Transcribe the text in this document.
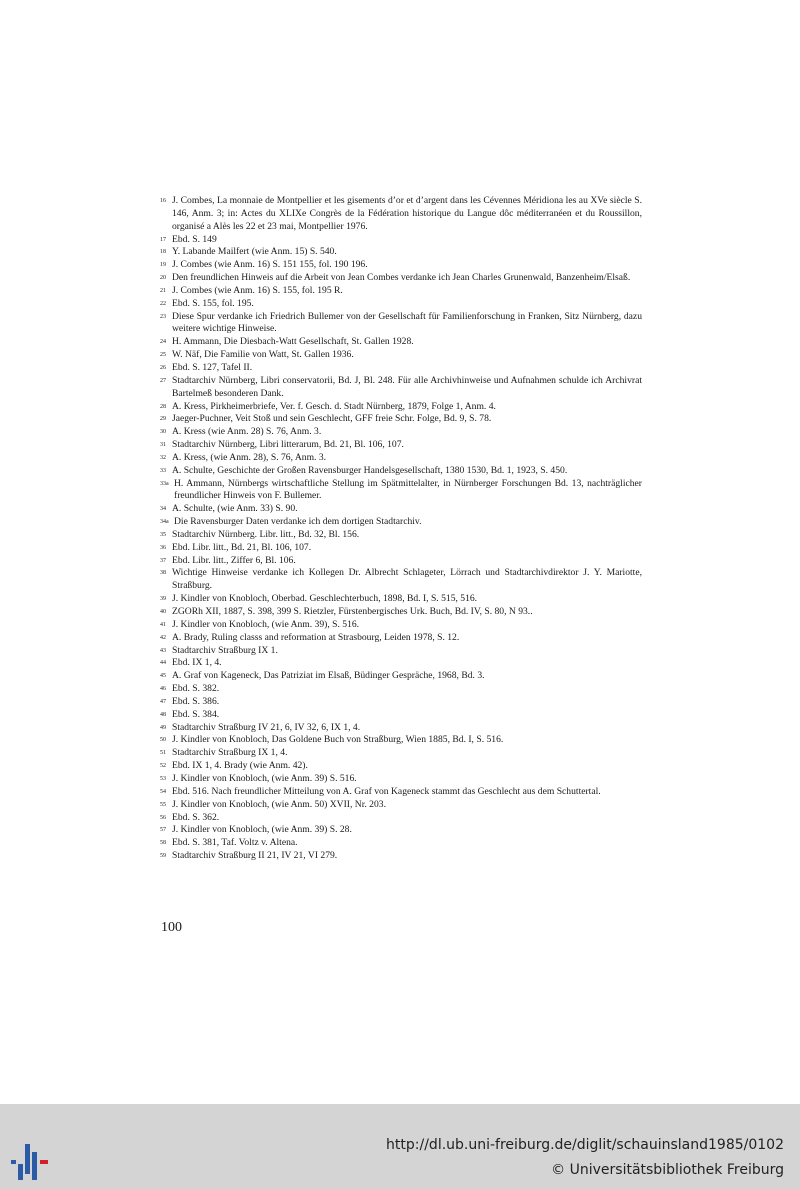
16 J. Combes, La monnaie de Montpellier et les gisements d’or et d’argent dans les Cévennes Méridiona les au XVe siècle S. 146, Anm. 3; in: Actes du XLIXe Congrès de la Fédération historique du Langue dôc méditerranéen et du Roussillon, organisé a Alès les 22 et 23 mai, Montpellier 1976.
17 Ebd. S. 149
18 Y. Labande Mailfert (wie Anm. 15) S. 540.
19 J. Combes (wie Anm. 16) S. 151 155, fol. 190 196.
20 Den freundlichen Hinweis auf die Arbeit von Jean Combes verdanke ich Jean Charles Grunenwald, Banzenheim/Elsaß.
21 J. Combes (wie Anm. 16) S. 155, fol. 195 R.
22 Ebd. S. 155, fol. 195.
23 Diese Spur verdanke ich Friedrich Bullemer von der Gesellschaft für Familienforschung in Franken, Sitz Nürnberg, dazu weitere wichtige Hinweise.
24 H. Ammann, Die Diesbach-Watt Gesellschaft, St. Gallen 1928.
25 W. Näf, Die Familie von Watt, St. Gallen 1936.
26 Ebd. S. 127, Tafel II.
27 Stadtarchiv Nürnberg, Libri conservatorii, Bd. J, Bl. 248. Für alle Archivhinweise und Aufnahmen schulde ich Archivrat Bartelmeß besonderen Dank.
28 A. Kress, Pirkheimerbriefe, Ver. f. Gesch. d. Stadt Nürnberg, 1879, Folge 1, Anm. 4.
29 Jaeger-Puchner, Veit Stoß und sein Geschlecht, GFF freie Schr. Folge, Bd. 9, S. 78.
30 A. Kress (wie Anm. 28) S. 76, Anm. 3.
31 Stadtarchiv Nürnberg, Libri litterarum, Bd. 21, Bl. 106, 107.
32 A. Kress, (wie Anm. 28), S. 76, Anm. 3.
33 A. Schulte, Geschichte der Großen Ravensburger Handelsgesellschaft, 1380 1530, Bd. 1, 1923, S. 450.
33a H. Ammann, Nürnbergs wirtschaftliche Stellung im Spätmittelalter, in Nürnberger Forschungen Bd. 13, nachträglicher freundlicher Hinweis von F. Bullemer.
34 A. Schulte, (wie Anm. 33) S. 90.
34a Die Ravensburger Daten verdanke ich dem dortigen Stadtarchiv.
35 Stadtarchiv Nürnberg. Libr. litt., Bd. 32, Bl. 156.
36 Ebd. Libr. litt., Bd. 21, Bl. 106, 107.
37 Ebd. Libr. litt., Ziffer 6, Bl. 106.
38 Wichtige Hinweise verdanke ich Kollegen Dr. Albrecht Schlageter, Lörrach und Stadtarchivdirektor J. Y. Mariotte, Straßburg.
39 J. Kindler von Knobloch, Oberbad. Geschlechterbuch, 1898, Bd. I, S. 515, 516.
40 ZGORh XII, 1887, S. 398, 399 S. Rietzler, Fürstenbergisches Urk. Buch, Bd. IV, S. 80, N 93..
41 J. Kindler von Knobloch, (wie Anm. 39), S. 516.
42 A. Brady, Ruling classs and reformation at Strasbourg, Leiden 1978, S. 12.
43 Stadtarchiv Straßburg IX 1.
44 Ebd. IX 1, 4.
45 A. Graf von Kageneck, Das Patriziat im Elsaß, Büdinger Gespräche, 1968, Bd. 3.
46 Ebd. S. 382.
47 Ebd. S. 386.
48 Ebd. S. 384.
49 Stadtarchiv Straßburg IV 21, 6, IV 32, 6, IX 1, 4.
50 J. Kindler von Knobloch, Das Goldene Buch von Straßburg, Wien 1885, Bd. I, S. 516.
51 Stadtarchiv Straßburg IX 1, 4.
52 Ebd. IX 1, 4. Brady (wie Anm. 42).
53 J. Kindler von Knobloch, (wie Anm. 39) S. 516.
54 Ebd. 516. Nach freundlicher Mitteilung von A. Graf von Kageneck stammt das Geschlecht aus dem Schuttertal.
55 J. Kindler von Knobloch, (wie Anm. 50) XVII, Nr. 203.
56 Ebd. S. 362.
57 J. Kindler von Knobloch, (wie Anm. 39) S. 28.
58 Ebd. S. 381, Taf. Voltz v. Altena.
59 Stadtarchiv Straßburg II 21, IV 21, VI 279.
100
http://dl.ub.uni-freiburg.de/diglit/schauinsland1985/0102
© Universitätsbibliothek Freiburg
